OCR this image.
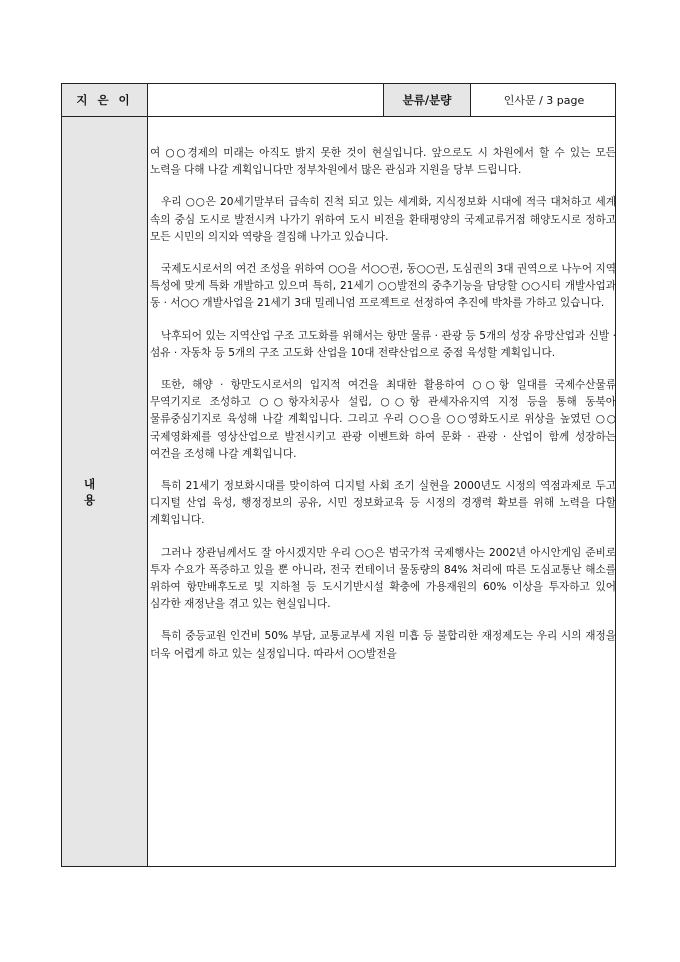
지 은 이	분류/분량	인사문 / 3 page
내 용

여 ○○경제의 미래는 아직도 밝지 못한 것이 현실입니다. 앞으로도 시 차원에서 할 수 있는 모든 노력을 다해 나갈 계획입니다만 정부차원에서 많은 관심과 지원을 당부 드립니다.

우리 ○○은 20세기말부터 급속히 진척 되고 있는 세계화, 지식정보화 시대에 적극 대처하고 세계 속의 중심 도시로 발전시켜 나가기 위하여 도시 비전을 환태평양의 국제교류거점 해양도시로 정하고 모든 시민의 의지와 역량을 결집해 나가고 있습니다.

국제도시로서의 여건 조성을 위하여 ○○을 서○○권, 동○○권, 도심권의 3대 권역으로 나누어 지역 특성에 맞게 특화 개발하고 있으며 특히, 21세기 ○○발전의 중추기능을 담당할 ○○시티 개발사업과 동 · 서○○ 개발사업을 21세기 3대 밀레니엄 프로젝트로 선정하여 추진에 박차를 가하고 있습니다.

낙후되어 있는 지역산업 구조 고도화를 위해서는 항만 물류 · 관광 등 5개의 성장 유망산업과 신발 · 섬유 · 자동차 등 5개의 구조 고도화 산업을 10대 전략산업으로 중점 육성할 계획입니다.

또한, 해양 · 항만도시로서의 입지적 여건을 최대한 활용하여 ○○항 일대를 국제수산물류 무역기지로 조성하고 ○○항자치공사 설립, ○○항 관세자유지역 지정 등을 통해 동북아 물류중심기지로 육성해 나갈 계획입니다. 그리고 우리 ○○을 ○○영화도시로 위상을 높였던 ○○국제영화제를 영상산업으로 발전시키고 관광 이벤트화 하여 문화 · 관광 · 산업이 함께 성장하는 여건을 조성해 나갈 계획입니다.

특히 21세기 정보화시대를 맞이하여 디지털 사회 조기 실현을 2000년도 시정의 역점과제로 두고 디지털 산업 육성, 행정정보의 공유, 시민 정보화교육 등 시정의 경쟁력 확보를 위해 노력을 다할 계획입니다.

그러나 장관님께서도 잘 아시겠지만 우리 ○○은 범국가적 국제행사는 2002년 아시안게임 준비로 투자 수요가 폭증하고 있을 뿐 아니라, 전국 컨테이너 물동량의 84% 처리에 따른 도심교통난 해소를 위하여 항만배후도로 및 지하철 등 도시기반시설 확충에 가용재원의 60% 이상을 투자하고 있어 심각한 재정난을 겪고 있는 현실입니다.

특히 중등교원 인건비 50% 부담, 교통교부세 지원 미흡 등 불합리한 재정제도는 우리 시의 재정을 더욱 어렵게 하고 있는 실정입니다. 따라서 ○○발전을
